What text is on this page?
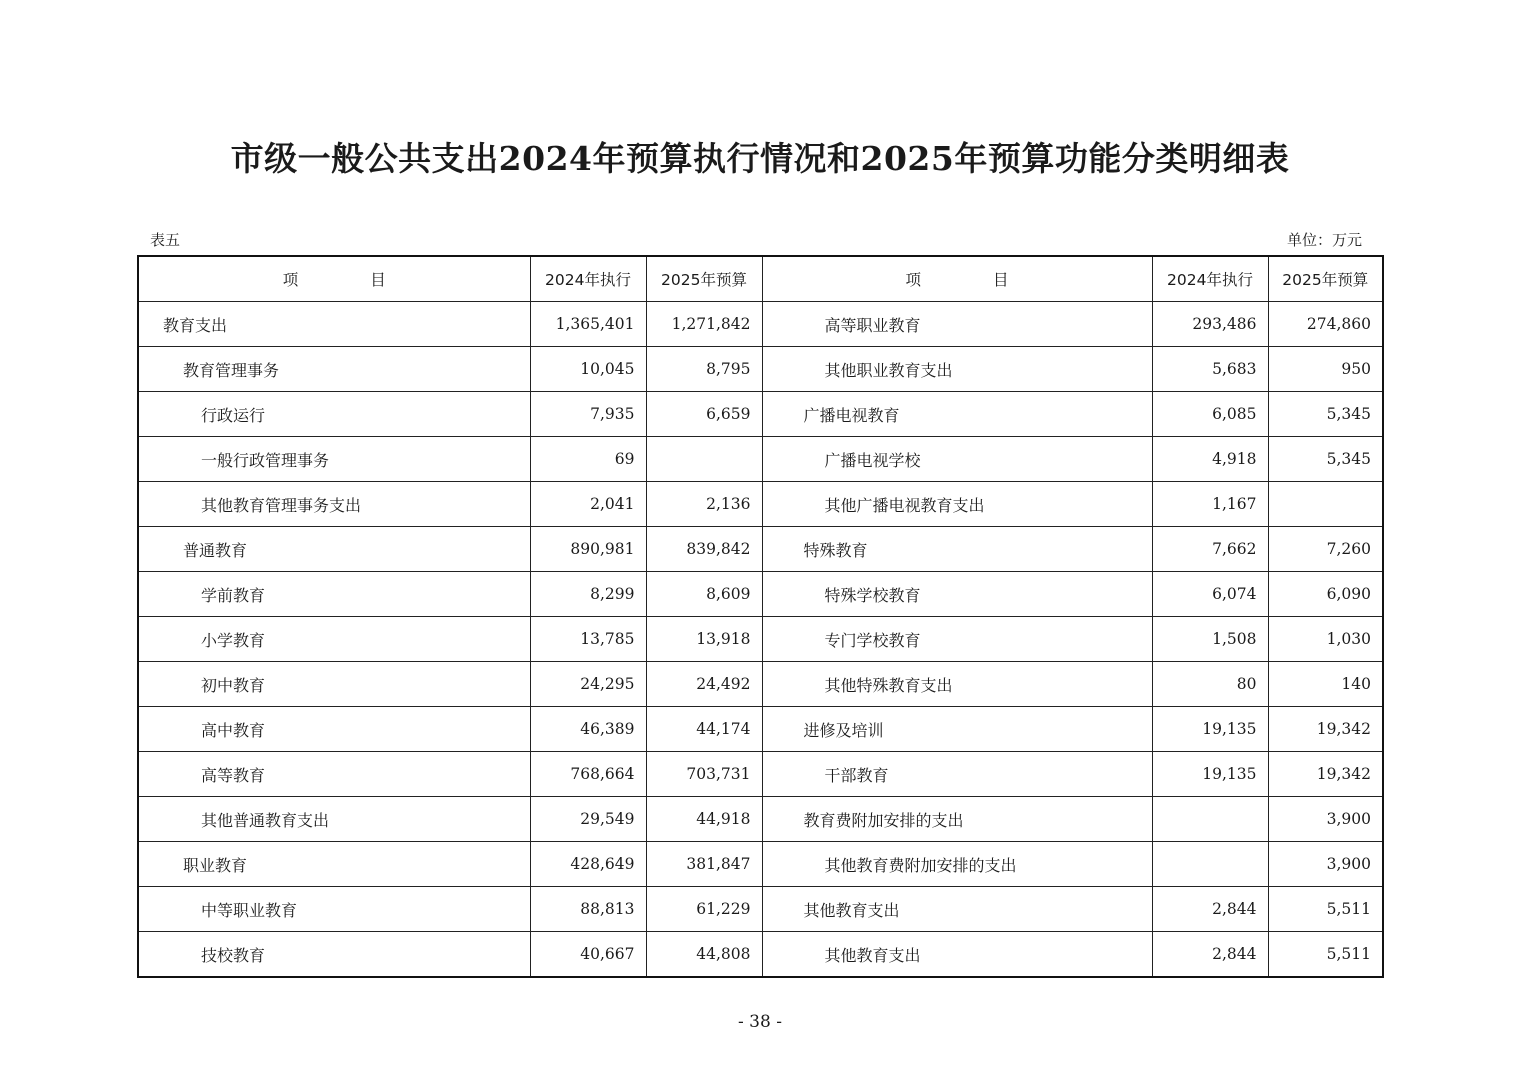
市级一般公共支出2024年预算执行情况和2025年预算功能分类明细表
表五	单位：万元
项 目	2024年执行	2025年预算	项 目	2024年执行	2025年预算
教育支出	1,365,401	1,271,842	高等职业教育	293,486	274,860
教育管理事务	10,045	8,795	其他职业教育支出	5,683	950
行政运行	7,935	6,659	广播电视教育	6,085	5,345
一般行政管理事务	69		广播电视学校	4,918	5,345
其他教育管理事务支出	2,041	2,136	其他广播电视教育支出	1,167	
普通教育	890,981	839,842	特殊教育	7,662	7,260
学前教育	8,299	8,609	特殊学校教育	6,074	6,090
小学教育	13,785	13,918	专门学校教育	1,508	1,030
初中教育	24,295	24,492	其他特殊教育支出	80	140
高中教育	46,389	44,174	进修及培训	19,135	19,342
高等教育	768,664	703,731	干部教育	19,135	19,342
其他普通教育支出	29,549	44,918	教育费附加安排的支出		3,900
职业教育	428,649	381,847	其他教育费附加安排的支出		3,900
中等职业教育	88,813	61,229	其他教育支出	2,844	5,511
技校教育	40,667	44,808	其他教育支出	2,844	5,511
- 38 -
